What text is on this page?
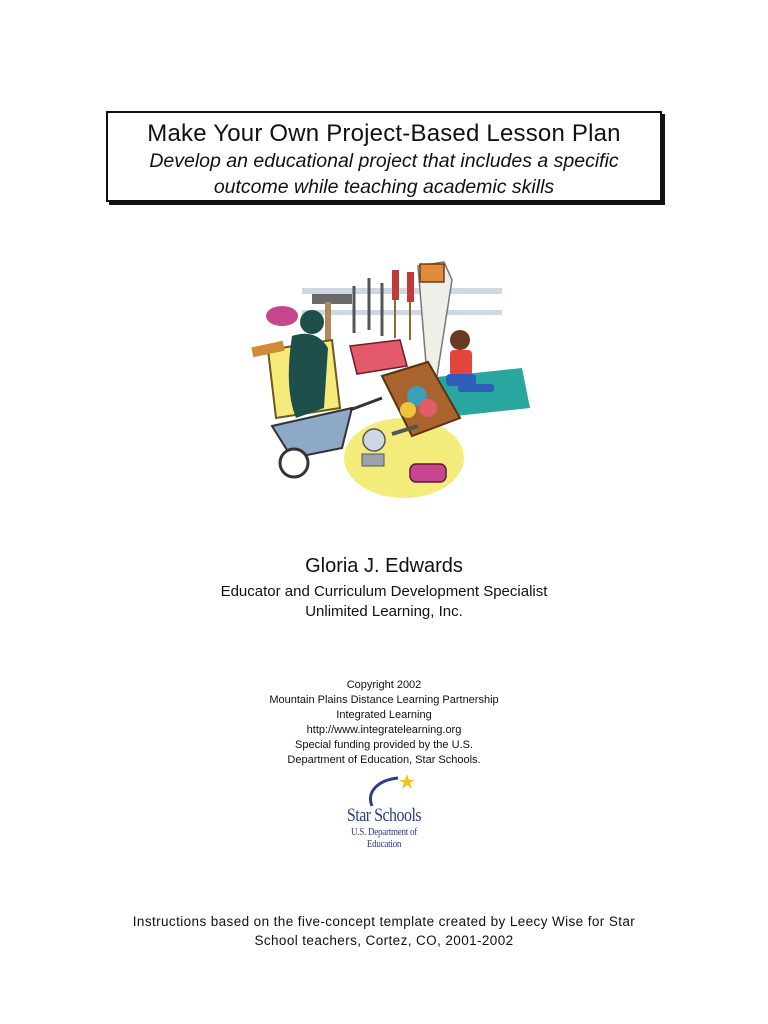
Make Your Own Project-Based Lesson Plan
Develop an educational project that includes a specific
outcome while teaching academic skills
Gloria J. Edwards
Educator and Curriculum Development Specialist
Unlimited Learning, Inc.
Copyright 2002
Mountain Plains Distance Learning Partnership
Integrated Learning
http://www.integratelearning.org
Special funding provided by the U.S.
Department of Education, Star Schools.
Star Schools
U.S. Department of Education
Instructions based on the five-concept template created by Leecy Wise for Star
School teachers, Cortez, CO, 2001-2002
